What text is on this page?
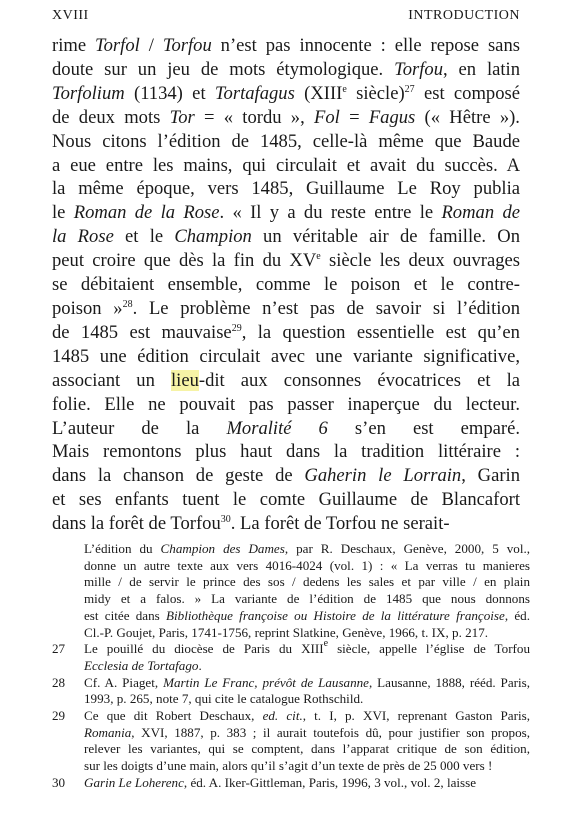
XVIII	INTRODUCTION
rime Torfol / Torfou n’est pas innocente : elle repose sans
doute sur un jeu de mots étymologique. Torfou, en latin
Torfolium (1134) et Tortafagus (XIIIe siècle)$^{27}$ est composé
de deux mots Tor = « tordu », Fol = Fagus (« Hêtre »).
Nous citons l’édition de 1485, celle-là même que Baude
a eue entre les mains, qui circulait et avait du succès. A
la même époque, vers 1485, Guillaume Le Roy publia
le Roman de la Rose. « Il y a du reste entre le Roman de
la Rose et le Champion un véritable air de famille. On
peut croire que dès la fin du XVe siècle les deux ouvrages
se débitaient ensemble, comme le poison et le contre-
poison »$^{28}$. Le problème n’est pas de savoir si l’édition
de 1485 est mauvaise$^{29}$, la question essentielle est qu’en
1485 une édition circulait avec une variante significative,
associant un lieu-dit aux consonnes évocatrices et la
folie. Elle ne pouvait pas passer inaperçue du lecteur.
L’auteur de la Moralité 6 s’en est emparé.
Mais remontons plus haut dans la tradition littéraire :
dans la chanson de geste de Gaherin le Lorrain, Garin
et ses enfants tuent le comte Guillaume de Blancafort
dans la forêt de Torfou$^{30}$. La forêt de Torfou ne serait-
L’édition du Champion des Dames, par R. Deschaux, Genève, 2000, 5 vol.,
donne un autre texte aux vers 4016-4024 (vol. 1) : « La verras tu manieres
mille / de servir le prince des sos / dedens les sales et par ville / en plain
midy et a falos. » La variante de l’édition de 1485 que nous donnons
est citée dans Bibliothèque françoise ou Histoire de la littérature françoise, éd.
Cl.-P. Goujet, Paris, 1741-1756, reprint Slatkine, Genève, 1966, t. IX, p. 217.
27 Le pouillé du diocèse de Paris du XIIIe siècle, appelle l’église de Torfou
Ecclesia de Tortafago.
28 Cf. A. Piaget, Martin Le Franc, prévôt de Lausanne, Lausanne, 1888, rééd. Paris,
1993, p. 265, note 7, qui cite le catalogue Rothschild.
29 Ce que dit Robert Deschaux, ed. cit., t. I, p. XVI, reprenant Gaston Paris,
Romania, XVI, 1887, p. 383 ; il aurait toutefois dû, pour justifier son propos,
relever les variantes, qui se comptent, dans l’apparat critique de son édition,
sur les doigts d’une main, alors qu’il s’agit d’un texte de près de 25 000 vers !
30 Garin Le Loherenc, éd. A. Iker-Gittleman, Paris, 1996, 3 vol., vol. 2, laisse
